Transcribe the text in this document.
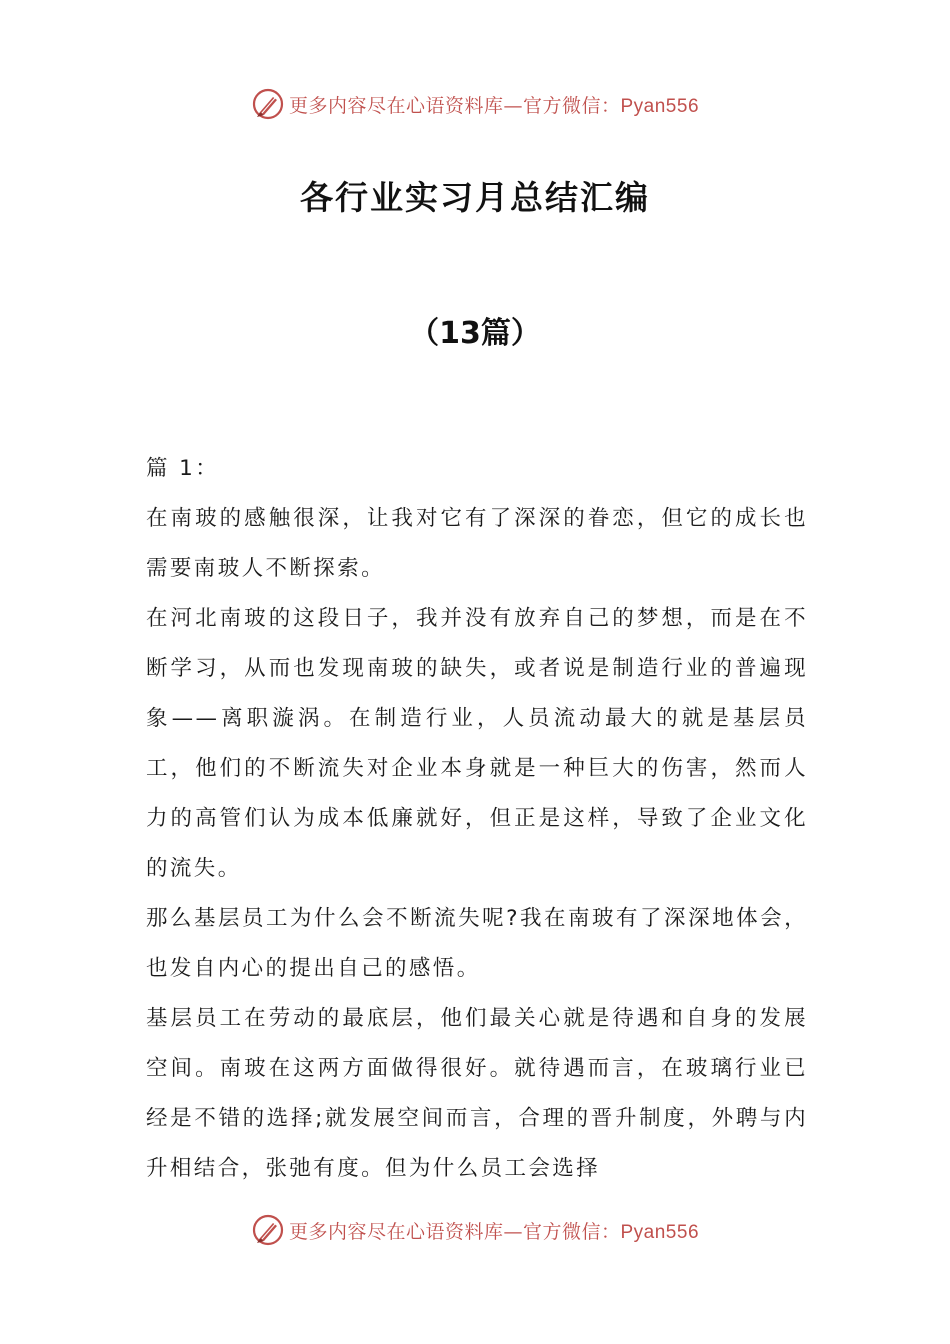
更多内容尽在心语资料库—官方微信：Pyan556
各行业实习月总结汇编
（13篇）

篇 1：

在南玻的感触很深，让我对它有了深深的眷恋，但它的成长也需要南玻人不断探索。

在河北南玻的这段日子，我并没有放弃自己的梦想，而是在不断学习，从而也发现南玻的缺失，或者说是制造行业的普遍现象——离职漩涡。在制造行业，人员流动最大的就是基层员工，他们的不断流失对企业本身就是一种巨大的伤害，然而人力的高管们认为成本低廉就好，但正是这样，导致了企业文化的流失。

那么基层员工为什么会不断流失呢?我在南玻有了深深地体会，也发自内心的提出自己的感悟。

基层员工在劳动的最底层，他们最关心就是待遇和自身的发展空间。南玻在这两方面做得很好。就待遇而言，在玻璃行业已经是不错的选择;就发展空间而言，合理的晋升制度，外聘与内升相结合，张弛有度。但为什么员工会选择

更多内容尽在心语资料库—官方微信：Pyan556
